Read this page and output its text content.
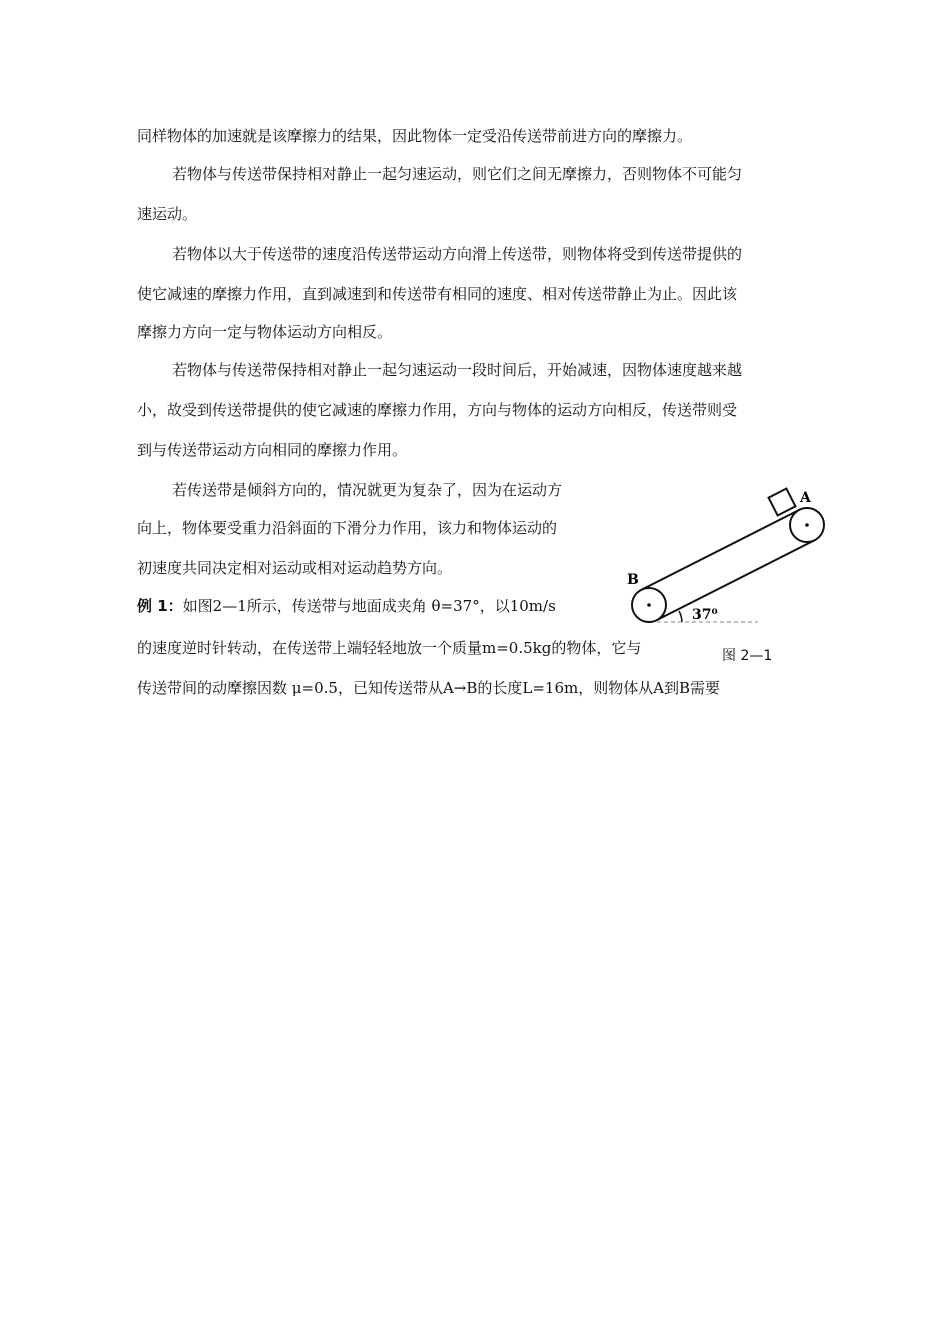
同样物体的加速就是该摩擦力的结果，因此物体一定受沿传送带前进方向的摩擦力。
若物体与传送带保持相对静止一起匀速运动，则它们之间无摩擦力，否则物体不可能匀
速运动。
若物体以大于传送带的速度沿传送带运动方向滑上传送带，则物体将受到传送带提供的
使它减速的摩擦力作用，直到减速到和传送带有相同的速度、相对传送带静止为止。因此该
摩擦力方向一定与物体运动方向相反。
若物体与传送带保持相对静止一起匀速运动一段时间后，开始减速，因物体速度越来越
小，故受到传送带提供的使它减速的摩擦力作用，方向与物体的运动方向相反，传送带则受
到与传送带运动方向相同的摩擦力作用。
若传送带是倾斜方向的，情况就更为复杂了，因为在运动方
向上，物体要受重力沿斜面的下滑分力作用，该力和物体运动的
初速度共同决定相对运动或相对运动趋势方向。
例 1：如图2—1所示，传送带与地面成夹角 θ=37°，以10m/s
的速度逆时针转动，在传送带上端轻轻地放一个质量m=0.5kg的物体，它与
传送带间的动摩擦因数 μ=0.5，已知传送带从A→B的长度L=16m，则物体从A到B需要
A
B
37⁰
图 2—1
